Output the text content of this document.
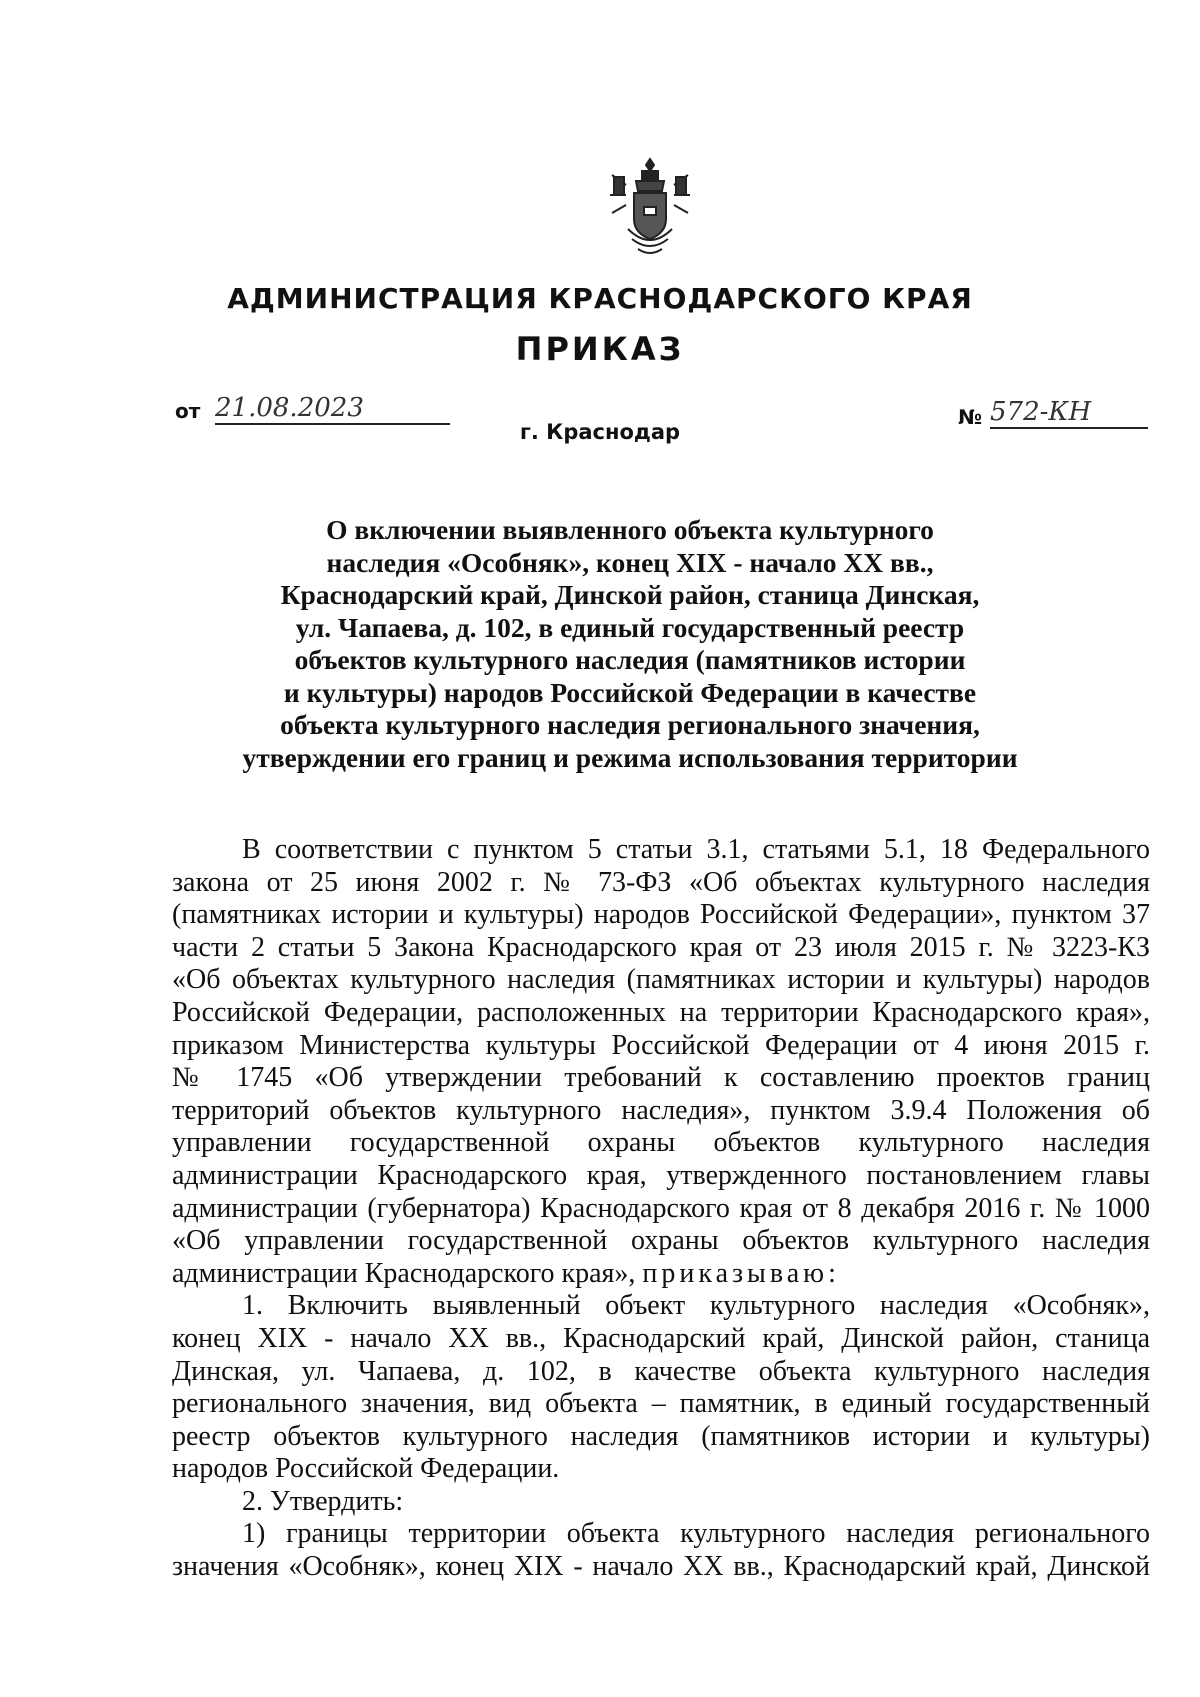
АДМИНИСТРАЦИЯ КРАСНОДАРСКОГО КРАЯ
ПРИКАЗ
от 21.08.2023
г. Краснодар
№ 572-КН
О включении выявленного объекта культурного
наследия «Особняк», конец XIX - начало XX вв.,
Краснодарский край, Динской район, станица Динская,
ул. Чапаева, д. 102, в единый государственный реестр
объектов культурного наследия (памятников истории
и культуры) народов Российской Федерации в качестве
объекта культурного наследия регионального значения,
утверждении его границ и режима использования территории
В соответствии с пунктом 5 статьи 3.1, статьями 5.1, 18 Федерального
закона от 25 июня 2002 г. № 73-ФЗ «Об объектах культурного наследия
(памятниках истории и культуры) народов Российской Федерации», пунктом 37
части 2 статьи 5 Закона Краснодарского края от 23 июля 2015 г. № 3223-КЗ
«Об объектах культурного наследия (памятниках истории и культуры) народов
Российской Федерации, расположенных на территории Краснодарского края»,
приказом Министерства культуры Российской Федерации от 4 июня 2015 г.
№ 1745 «Об утверждении требований к составлению проектов границ
территорий объектов культурного наследия», пунктом 3.9.4 Положения об
управлении государственной охраны объектов культурного наследия
администрации Краснодарского края, утвержденного постановлением главы
администрации (губернатора) Краснодарского края от 8 декабря 2016 г. № 1000
«Об управлении государственной охраны объектов культурного наследия
администрации Краснодарского края», приказываю:
1. Включить выявленный объект культурного наследия «Особняк»,
конец XIX - начало XX вв., Краснодарский край, Динской район, станица
Динская, ул. Чапаева, д. 102, в качестве объекта культурного наследия
регионального значения, вид объекта – памятник, в единый государственный
реестр объектов культурного наследия (памятников истории и культуры)
народов Российской Федерации.
2. Утвердить:
1) границы территории объекта культурного наследия регионального
значения «Особняк», конец XIX - начало XX вв., Краснодарский край, Динской
